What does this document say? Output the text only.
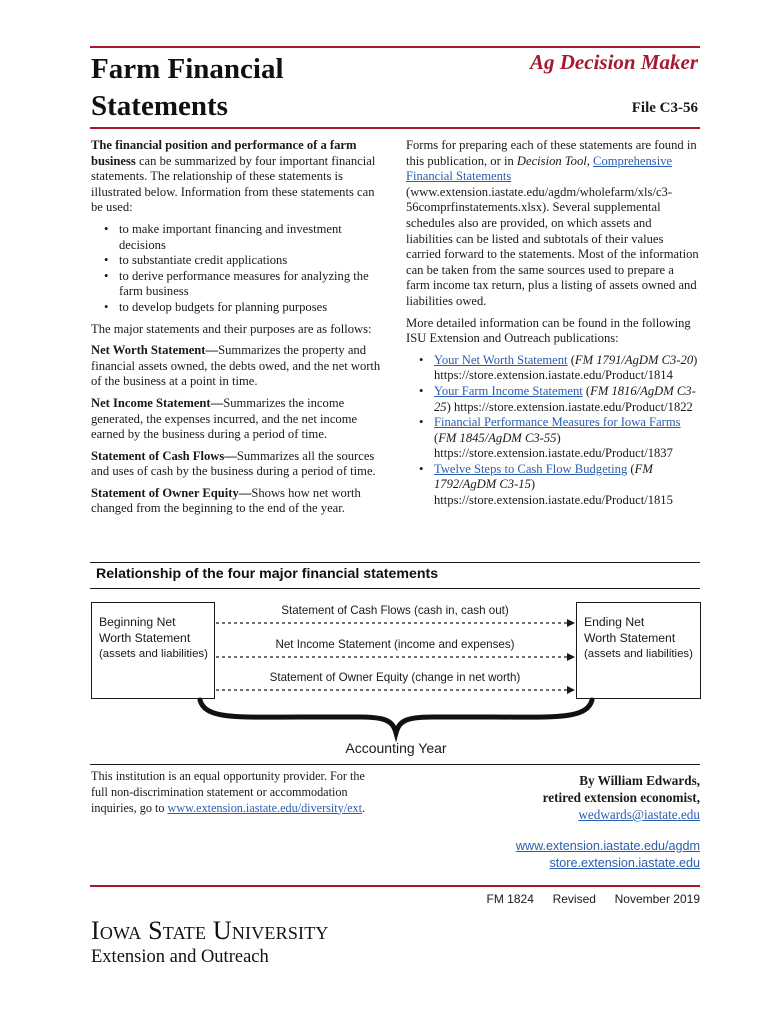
Farm Financial
Statements
Ag Decision Maker
File C3-56

The financial position and performance of a farm business can be summarized by four important financial statements. The relationship of these statements is illustrated below. Information from these statements can be used:

• to make important financing and investment decisions
• to substantiate credit applications
• to derive performance measures for analyzing the farm business
• to develop budgets for planning purposes

The major statements and their purposes are as follows:

Net Worth Statement—Summarizes the property and financial assets owned, the debts owed, and the net worth of the business at a point in time.

Net Income Statement—Summarizes the income generated, the expenses incurred, and the net income earned by the business during a period of time.

Statement of Cash Flows—Summarizes all the sources and uses of cash by the business during a period of time.

Statement of Owner Equity—Shows how net worth changed from the beginning to the end of the year.

Forms for preparing each of these statements are found in this publication, or in Decision Tool, Comprehensive Financial Statements (www.extension.iastate.edu/agdm/wholefarm/xls/c3-56comprfinstatements.xlsx). Several supplemental schedules also are provided, on which assets and liabilities can be listed and subtotals of their values carried forward to the statements. Most of the information can be taken from the same sources used to prepare a farm income tax return, plus a listing of assets owned and liabilities owed.

More detailed information can be found in the following ISU Extension and Outreach publications:

• Your Net Worth Statement (FM 1791/AgDM C3-20) https://store.extension.iastate.edu/Product/1814
• Your Farm Income Statement (FM 1816/AgDM C3-25) https://store.extension.iastate.edu/Product/1822
• Financial Performance Measures for Iowa Farms (FM 1845/AgDM C3-55) https://store.extension.iastate.edu/Product/1837
• Twelve Steps to Cash Flow Budgeting (FM 1792/AgDM C3-15) https://store.extension.iastate.edu/Product/1815
Relationship of the four major financial statements
Beginning Net
Worth Statement
(assets and liabilities)
Ending Net
Worth Statement
(assets and liabilities)
Statement of Cash Flows (cash in, cash out)
Net Income Statement (income and expenses)
Statement of Owner Equity (change in net worth)
Accounting Year
This institution is an equal opportunity provider. For the full non-discrimination statement or accommodation inquiries, go to www.extension.iastate.edu/diversity/ext.
By William Edwards,
retired extension economist,
wedwards@iastate.edu
www.extension.iastate.edu/agdm
store.extension.iastate.edu
FM 1824 Revised November 2019
Iowa State University
Extension and Outreach
